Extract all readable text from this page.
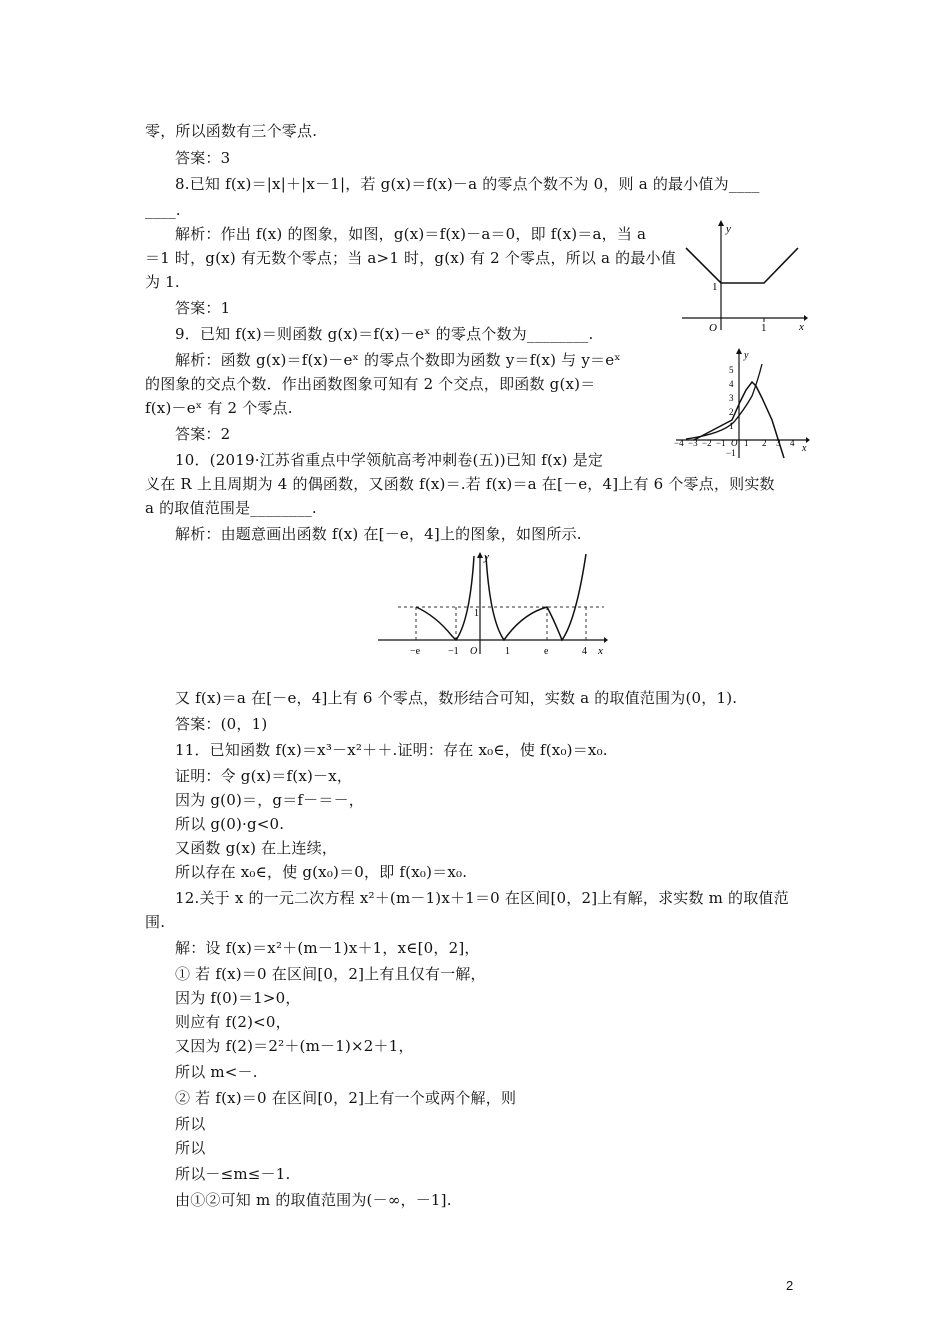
零，所以函数有三个零点.
答案：3
8.已知 f(x)＝|x|＋|x－1|，若 g(x)＝f(x)－a 的零点个数不为 0，则 a 的最小值为____
____.
解析：作出 f(x) 的图象，如图，g(x)＝f(x)－a＝0，即 f(x)＝a，当 a
＝1 时，g(x) 有无数个零点；当 a>1 时，g(x) 有 2 个零点，所以 a 的最小值
为 1.
答案：1
9．已知 f(x)＝则函数 g(x)＝f(x)－eˣ 的零点个数为________.
解析：函数 g(x)＝f(x)－eˣ 的零点个数即为函数 y＝f(x) 与 y＝eˣ
的图象的交点个数．作出函数图象可知有 2 个交点，即函数 g(x)＝
f(x)－eˣ 有 2 个零点.
答案：2
10．(2019·江苏省重点中学领航高考冲刺卷(五))已知 f(x) 是定
义在 R 上且周期为 4 的偶函数，又函数 f(x)＝.若 f(x)＝a 在[－e，4]上有 6 个零点，则实数
a 的取值范围是________.
解析：由题意画出函数 f(x) 在[－e，4]上的图象，如图所示.
y
x
O
1
1
y
x
−4 −3 −2 −1 O 1 2 3 4
5
4
3
2
1
−1
y
x
1
−e	−1 O	1	e	4
又 f(x)＝a 在[－e，4]上有 6 个零点，数形结合可知，实数 a 的取值范围为(0，1).
答案：(0，1)
11．已知函数 f(x)＝x³－x²＋＋.证明：存在 x₀∈，使 f(x₀)＝x₀.
证明：令 g(x)＝f(x)－x，
因为 g(0)＝，g＝f－＝－，
所以 g(0)·g<0.
又函数 g(x) 在上连续，
所以存在 x₀∈，使 g(x₀)＝0，即 f(x₀)＝x₀.
12.关于 x 的一元二次方程 x²＋(m－1)x＋1＝0 在区间[0，2]上有解，求实数 m 的取值范
围.
解：设 f(x)＝x²＋(m－1)x＋1，x∈[0，2]，
① 若 f(x)＝0 在区间[0，2]上有且仅有一解，
因为 f(0)＝1>0，
则应有 f(2)<0，
又因为 f(2)＝2²＋(m－1)×2＋1，
所以 m<－.
② 若 f(x)＝0 在区间[0，2]上有一个或两个解，则
所以
所以
所以－≤m≤－1.
由①②可知 m 的取值范围为(－∞，－1].
2
